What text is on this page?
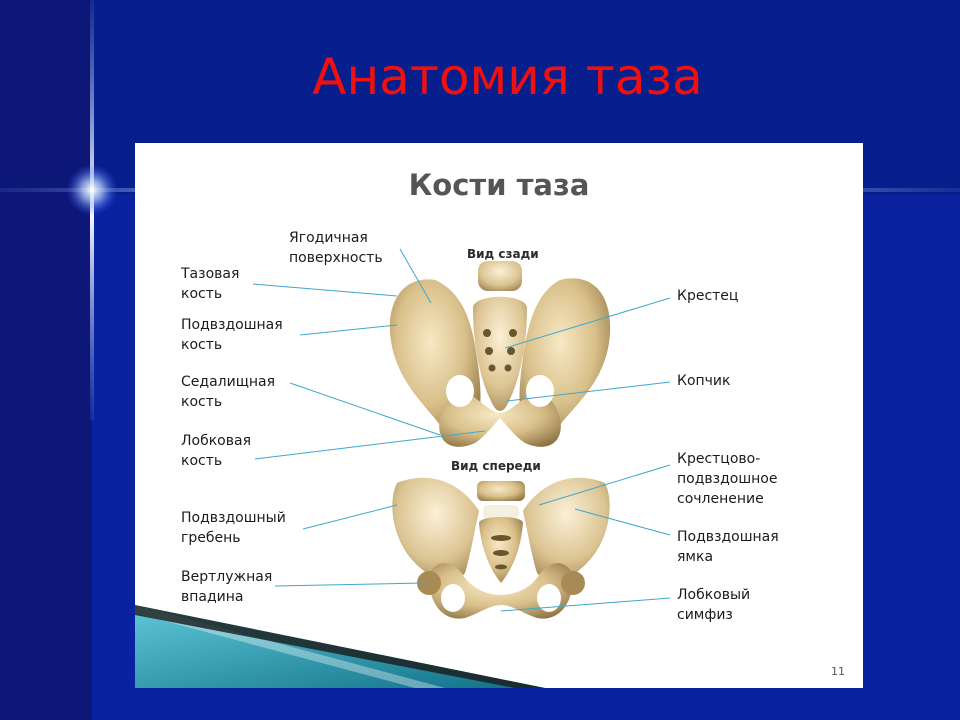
Анатомия таза
Кости таза
Вид сзади
Вид спереди
Тазовая
кость
Подвздошная
кость
Седалищная
кость
Лобковая
кость
Подвздошный
гребень
Вертлужная
впадина
Ягодичная
поверхность
Крестец
Копчик
Крестцово-
подвздошное
сочленение
Подвздошная
ямка
Лобковый
симфиз
11
